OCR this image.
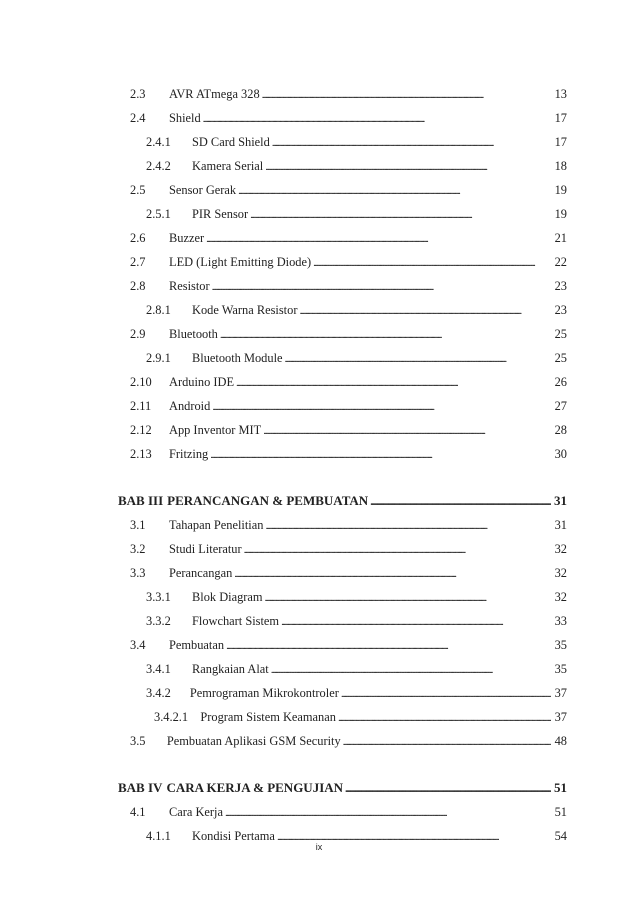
2.3	AVR ATmega 328 . . .	13
2.4	Shield . . .	17
2.4.1	SD Card Shield . . .	17
2.4.2	Kamera Serial . . .	18
2.5	Sensor Gerak . . .	19
2.5.1	PIR Sensor . . .	19
2.6	Buzzer . . .	21
2.7	LED (Light Emitting Diode) . . .	22
2.8	Resistor . . .	23
2.8.1	Kode Warna Resistor . . .	23
2.9	Bluetooth . . .	25
2.9.1	Bluetooth Module . . .	25
2.10	Arduino IDE . . .	26
2.11	Android . . .	27
2.12	App Inventor MIT . . .	28
2.13	Fritzing . . .	30
BAB III PERANCANGAN & PEMBUATAN . . .	31
3.1	Tahapan Penelitian . . .	31
3.2	Studi Literatur . . .	32
3.3	Perancangan . . .	32
3.3.1	Blok Diagram . . .	32
3.3.2	Flowchart Sistem . . .	33
3.4	Pembuatan . . .	35
3.4.1	Rangkaian Alat . . .	35
3.4.2	Pemrograman Mikrokontroler . . .	37
3.4.2.1 Program Sistem Keamanan . . .	37
3.5	Pembuatan Aplikasi GSM Security . . .	48
BAB IV CARA KERJA & PENGUJIAN . . .	51
4.1	Cara Kerja . . .	51
4.1.1	Kondisi Pertama . . .	54
ix
